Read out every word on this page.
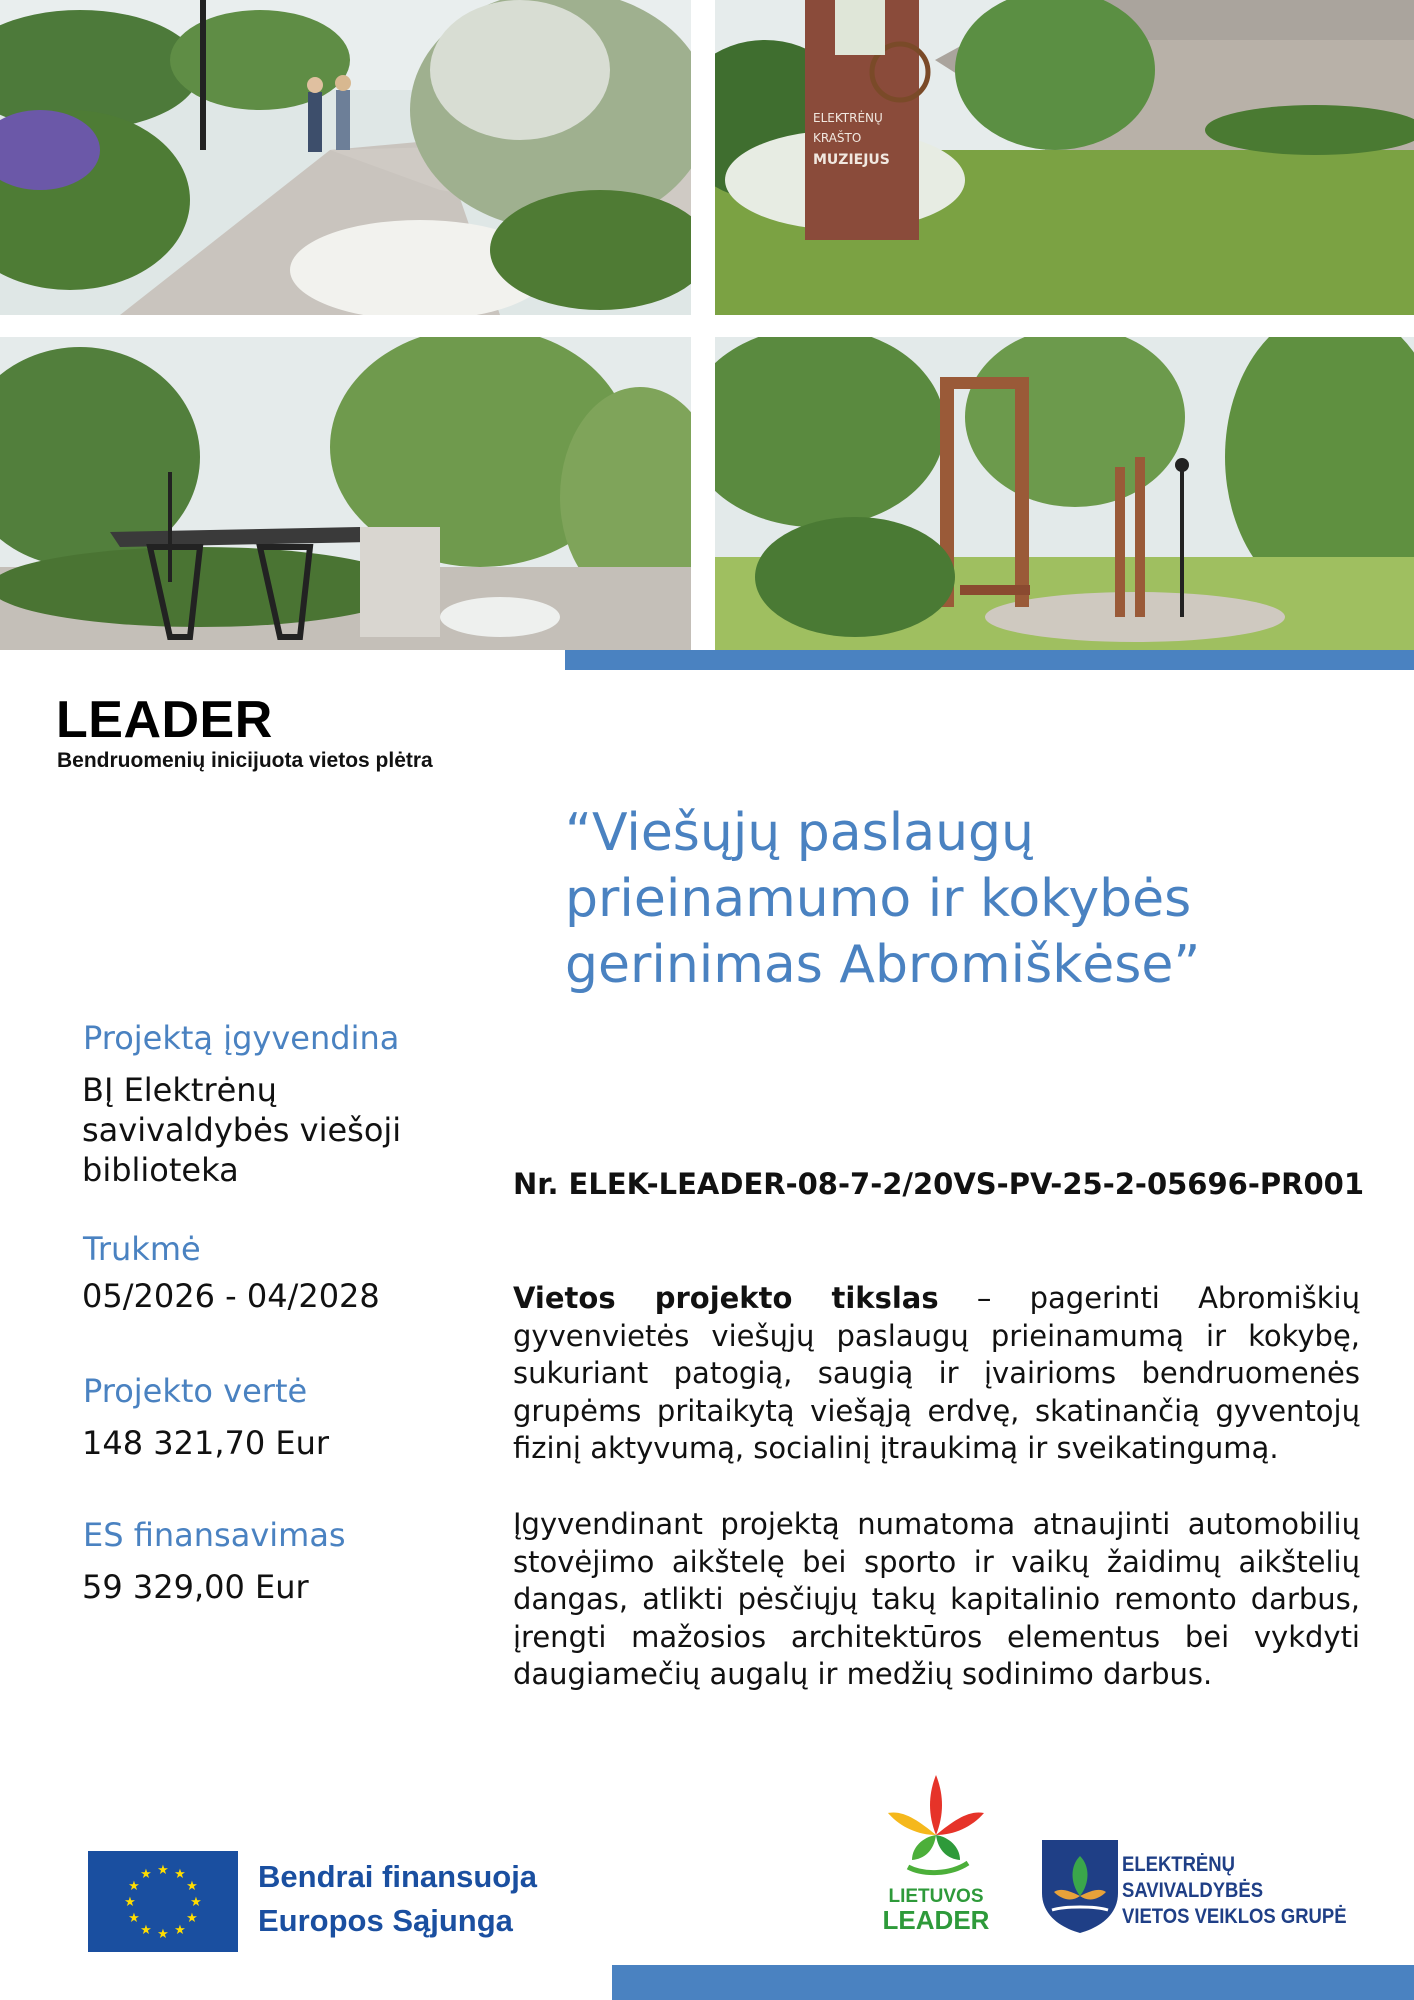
ELEKTRĖNŲ
KRAŠTO
MUZIEJUS
LEADER
Bendruomenių inicijuota vietos plėtra
“Viešųjų paslaugų prieinamumo ir kokybės gerinimas Abromiškėse”
Projektą įgyvendina
BĮ Elektrėnų savivaldybės viešoji biblioteka
Trukmė
05/2026 - 04/2028
Projekto vertė
148 321,70 Eur
ES finansavimas
59 329,00 Eur
Nr. ELEK-LEADER-08-7-2/20VS-PV-25-2-05696-PR001

Vietos projekto tikslas – pagerinti Abromiškių gyvenvietės viešųjų paslaugų prieinamumą ir kokybę, sukuriant patogią, saugią ir įvairioms bendruomenės grupėms pritaikytą viešąją erdvę, skatinančią gyventojų fizinį aktyvumą, socialinį įtraukimą ir sveikatingumą.

Įgyvendinant projektą numatoma atnaujinti automobilių stovėjimo aikštelę bei sporto ir vaikų žaidimų aikštelių dangas, atlikti pėsčiųjų takų kapitalinio remonto darbus, įrengti mažosios architektūros elementus bei vykdyti daugiamečių augalų ir medžių sodinimo darbus.

★ ★
★
★
★
★
★
★
★
★
★
★	Bendrai finansuoja
Europos Sąjunga
LIETUVOS
LEADER
ELEKTRĖNŲ SAVIVALDYBĖS
VIETOS VEIKLOS GRUPĖ
